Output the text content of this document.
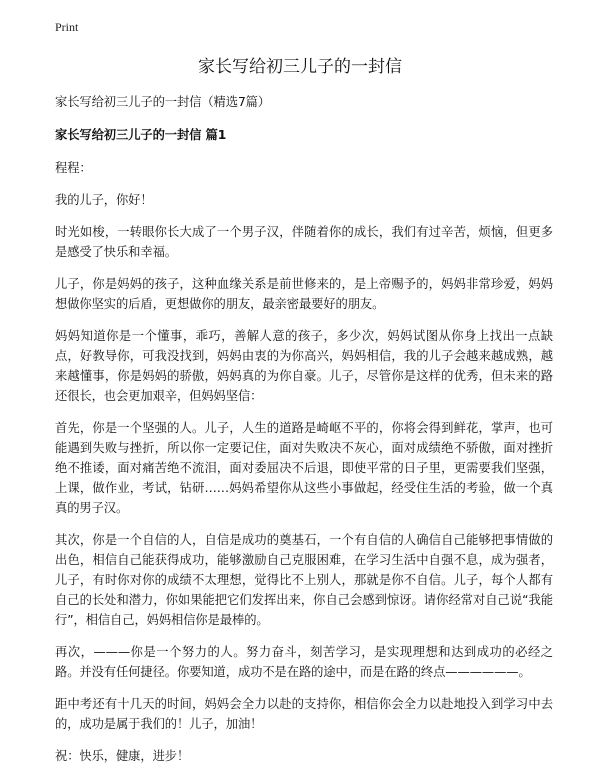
Print
家长写给初三儿子的一封信

家长写给初三儿子的一封信（精选7篇）

家长写给初三儿子的一封信 篇1

程程：

我的儿子，你好！

时光如梭，一转眼你长大成了一个男子汉，伴随着你的成长，我们有过辛苦，烦恼，但更多是感受了快乐和幸福。

儿子，你是妈妈的孩子，这种血缘关系是前世修来的，是上帝赐予的，妈妈非常珍爱，妈妈想做你坚实的后盾，更想做你的朋友，最亲密最要好的朋友。

妈妈知道你是一个懂事，乖巧，善解人意的孩子，多少次，妈妈试图从你身上找出一点缺点，好教导你，可我没找到，妈妈由衷的为你高兴，妈妈相信，我的儿子会越来越成熟，越来越懂事，你是妈妈的骄傲，妈妈真的为你自豪。儿子，尽管你是这样的优秀，但未来的路还很长，也会更加艰辛，但妈妈坚信：

首先，你是一个坚强的人。儿子，人生的道路是崎岖不平的，你将会得到鲜花，掌声，也可能遇到失败与挫折，所以你一定要记住，面对失败决不灰心，面对成绩绝不骄傲，面对挫折绝不推诿，面对痛苦绝不流泪，面对委屈决不后退，即使平常的日子里，更需要我们坚强，上课，做作业，考试，钻研……妈妈希望你从这些小事做起，经受住生活的考验，做一个真真的男子汉。

其次，你是一个自信的人，自信是成功的奠基石，一个有自信的人确信自己能够把事情做的出色，相信自己能获得成功，能够激励自己克服困难，在学习生活中自强不息，成为强者，儿子，有时你对你的成绩不太理想，觉得比不上别人，那就是你不自信。儿子，每个人都有自己的长处和潜力，你如果能把它们发挥出来，你自己会感到惊讶。请你经常对自己说“我能行”，相信自己，妈妈相信你是最棒的。

再次，———你是一个努力的人。努力奋斗，刻苦学习，是实现理想和达到成功的必经之路。并没有任何捷径。你要知道，成功不是在路的途中，而是在路的终点——————。

距中考还有十几天的时间，妈妈会全力以赴的支持你，相信你会全力以赴地投入到学习中去的，成功是属于我们的！儿子，加油！

祝：快乐，健康，进步！
